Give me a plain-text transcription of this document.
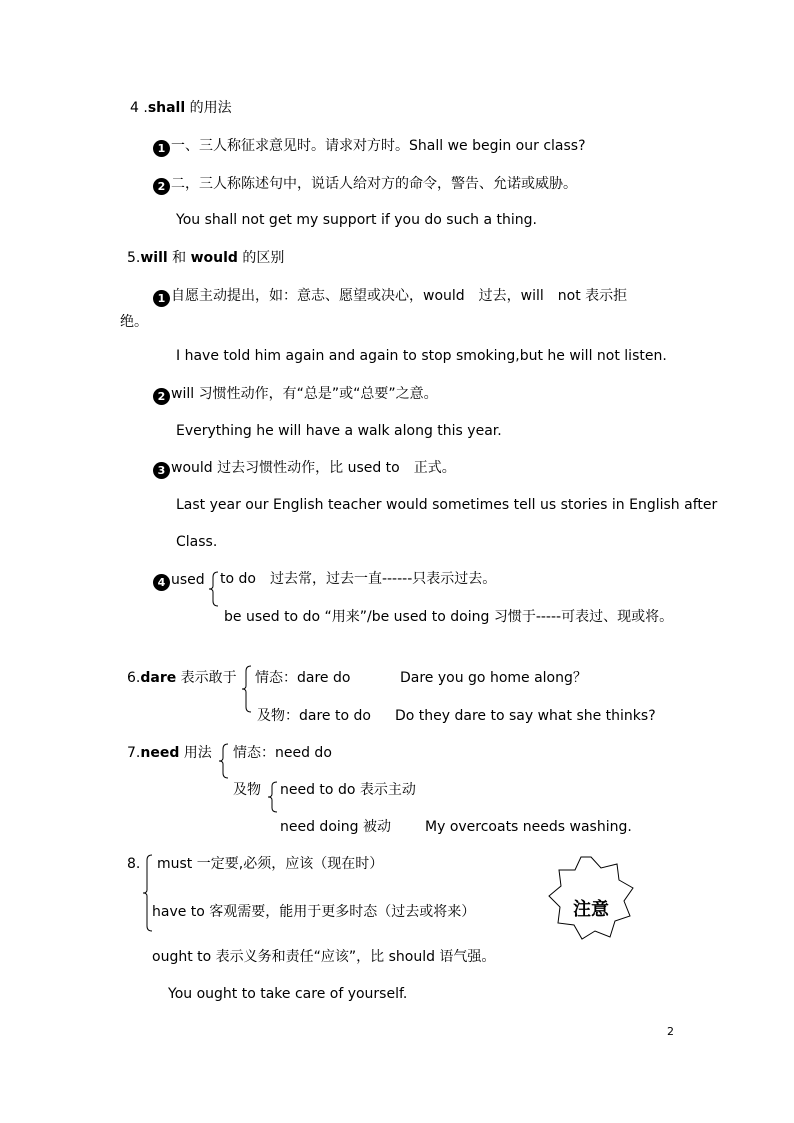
4 .shall 的用法
1 一、三人称征求意见时。请求对方时。Shall we begin our class?
2 二，三人称陈述句中，说话人给对方的命令，警告、允诺或威胁。
You shall not get my support if you do such a thing.
5.will 和 would 的区别
1 自愿主动提出，如：意志、愿望或决心，would　过去，will　not 表示拒
绝。
I have told him again and again to stop smoking,but he will not listen.
2 will 习惯性动作，有“总是”或“总要”之意。
Everything he will have a walk along this year.
3 would 过去习惯性动作，比 used to　正式。
Last year our English teacher would sometimes tell us stories in English after
Class.
4 used to do　过去常，过去一直------只表示过去。
be used to do “用来”/be used to doing 习惯于-----可表过、现或将。
6.dare 表示敢于 情态：dare do	Dare you go home along？
及物：dare to do Do they dare to say what she thinks?
7.need 用法 情态：need do
及物 need to do 表示主动
need doing 被动 My overcoats needs washing.
8. must 一定要,必须，应该（现在时）
have to 客观需要，能用于更多时态（过去或将来）	注意
ought to 表示义务和责任“应该”，比 should 语气强。
You ought to take care of yourself.
2
